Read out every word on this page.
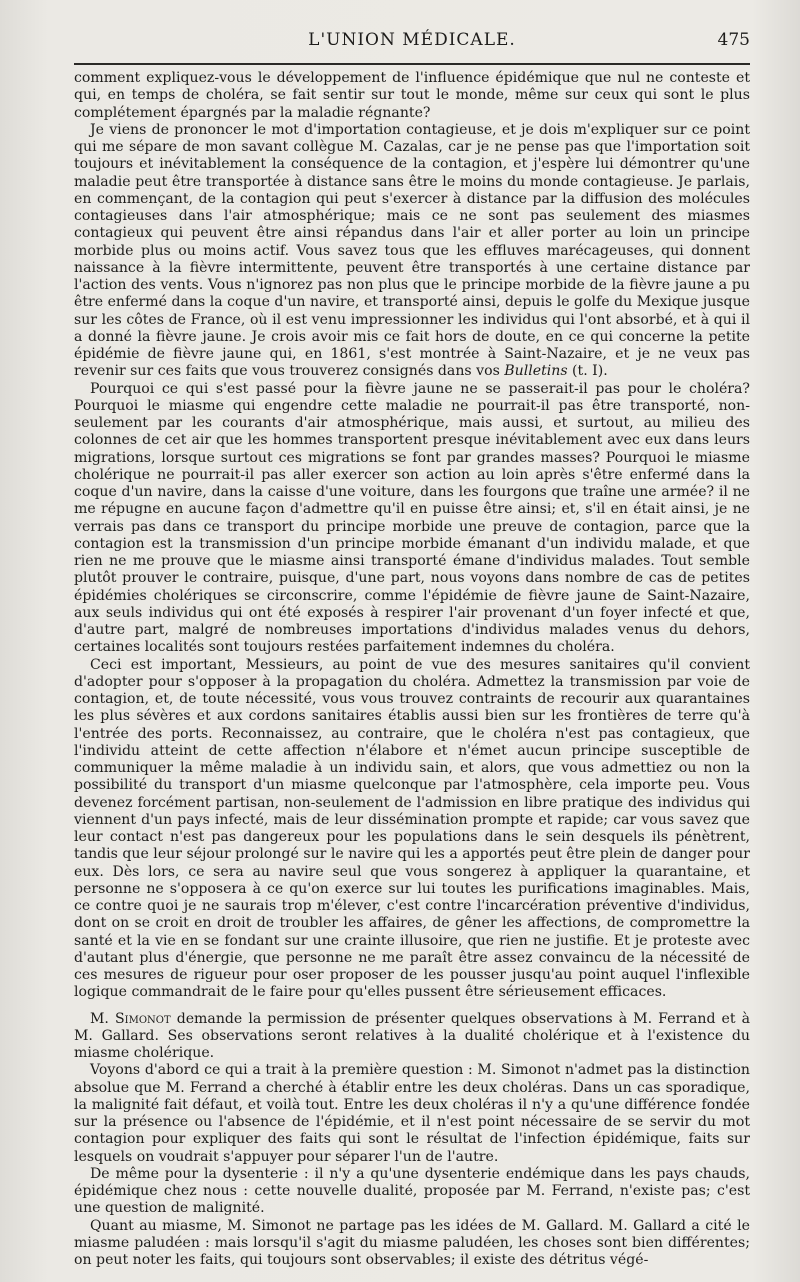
L'UNION MÉDICALE.	475

comment expliquez-vous le développement de l'influence épidémique que nul ne conteste et qui, en temps de choléra, se fait sentir sur tout le monde, même sur ceux qui sont le plus complétement épargnés par la maladie régnante?

Je viens de prononcer le mot d'importation contagieuse, et je dois m'expliquer sur ce point qui me sépare de mon savant collègue M. Cazalas, car je ne pense pas que l'importation soit toujours et inévitablement la conséquence de la contagion, et j'espère lui démontrer qu'une maladie peut être transportée à distance sans être le moins du monde contagieuse. Je parlais, en commençant, de la contagion qui peut s'exercer à distance par la diffusion des molécules contagieuses dans l'air atmosphérique; mais ce ne sont pas seulement des miasmes contagieux qui peuvent être ainsi répandus dans l'air et aller porter au loin un principe morbide plus ou moins actif. Vous savez tous que les effluves marécageuses, qui donnent naissance à la fièvre intermittente, peuvent être transportés à une certaine distance par l'action des vents. Vous n'ignorez pas non plus que le principe morbide de la fièvre jaune a pu être enfermé dans la coque d'un navire, et transporté ainsi, depuis le golfe du Mexique jusque sur les côtes de France, où il est venu impressionner les individus qui l'ont absorbé, et à qui il a donné la fièvre jaune. Je crois avoir mis ce fait hors de doute, en ce qui concerne la petite épidémie de fièvre jaune qui, en 1861, s'est montrée à Saint-Nazaire, et je ne veux pas revenir sur ces faits que vous trouverez consignés dans vos Bulletins (t. I).

Pourquoi ce qui s'est passé pour la fièvre jaune ne se passerait-il pas pour le choléra? Pourquoi le miasme qui engendre cette maladie ne pourrait-il pas être transporté, non-seulement par les courants d'air atmosphérique, mais aussi, et surtout, au milieu des colonnes de cet air que les hommes transportent presque inévitablement avec eux dans leurs migrations, lorsque surtout ces migrations se font par grandes masses? Pourquoi le miasme cholérique ne pourrait-il pas aller exercer son action au loin après s'être enfermé dans la coque d'un navire, dans la caisse d'une voiture, dans les fourgons que traîne une armée? il ne me répugne en aucune façon d'admettre qu'il en puisse être ainsi; et, s'il en était ainsi, je ne verrais pas dans ce transport du principe morbide une preuve de contagion, parce que la contagion est la transmission d'un principe morbide émanant d'un individu malade, et que rien ne me prouve que le miasme ainsi transporté émane d'individus malades. Tout semble plutôt prouver le contraire, puisque, d'une part, nous voyons dans nombre de cas de petites épidémies cholériques se circonscrire, comme l'épidémie de fièvre jaune de Saint-Nazaire, aux seuls individus qui ont été exposés à respirer l'air provenant d'un foyer infecté et que, d'autre part, malgré de nombreuses importations d'individus malades venus du dehors, certaines localités sont toujours restées parfaitement indemnes du choléra.

Ceci est important, Messieurs, au point de vue des mesures sanitaires qu'il convient d'adopter pour s'opposer à la propagation du choléra. Admettez la transmission par voie de contagion, et, de toute nécessité, vous vous trouvez contraints de recourir aux quarantaines les plus sévères et aux cordons sanitaires établis aussi bien sur les frontières de terre qu'à l'entrée des ports. Reconnaissez, au contraire, que le choléra n'est pas contagieux, que l'individu atteint de cette affection n'élabore et n'émet aucun principe susceptible de communiquer la même maladie à un individu sain, et alors, que vous admettiez ou non la possibilité du transport d'un miasme quelconque par l'atmosphère, cela importe peu. Vous devenez forcément partisan, non-seulement de l'admission en libre pratique des individus qui viennent d'un pays infecté, mais de leur dissémination prompte et rapide; car vous savez que leur contact n'est pas dangereux pour les populations dans le sein desquels ils pénètrent, tandis que leur séjour prolongé sur le navire qui les a apportés peut être plein de danger pour eux. Dès lors, ce sera au navire seul que vous songerez à appliquer la quarantaine, et personne ne s'opposera à ce qu'on exerce sur lui toutes les purifications imaginables. Mais, ce contre quoi je ne saurais trop m'élever, c'est contre l'incarcération préventive d'individus, dont on se croit en droit de troubler les affaires, de gêner les affections, de compromettre la santé et la vie en se fondant sur une crainte illusoire, que rien ne justifie. Et je proteste avec d'autant plus d'énergie, que personne ne me paraît être assez convaincu de la nécessité de ces mesures de rigueur pour oser proposer de les pousser jusqu'au point auquel l'inflexible logique commandrait de le faire pour qu'elles pussent être sérieusement efficaces.

M. Simonot demande la permission de présenter quelques observations à M. Ferrand et à M. Gallard. Ses observations seront relatives à la dualité cholérique et à l'existence du miasme cholérique.

Voyons d'abord ce qui a trait à la première question : M. Simonot n'admet pas la distinction absolue que M. Ferrand a cherché à établir entre les deux choléras. Dans un cas sporadique, la malignité fait défaut, et voilà tout. Entre les deux choléras il n'y a qu'une différence fondée sur la présence ou l'absence de l'épidémie, et il n'est point nécessaire de se servir du mot contagion pour expliquer des faits qui sont le résultat de l'infection épidémique, faits sur lesquels on voudrait s'appuyer pour séparer l'un de l'autre.

De même pour la dysenterie : il n'y a qu'une dysenterie endémique dans les pays chauds, épidémique chez nous : cette nouvelle dualité, proposée par M. Ferrand, n'existe pas; c'est une question de malignité.

Quant au miasme, M. Simonot ne partage pas les idées de M. Gallard. M. Gallard a cité le miasme paludéen : mais lorsqu'il s'agit du miasme paludéen, les choses sont bien différentes; on peut noter les faits, qui toujours sont observables; il existe des détritus végé-
